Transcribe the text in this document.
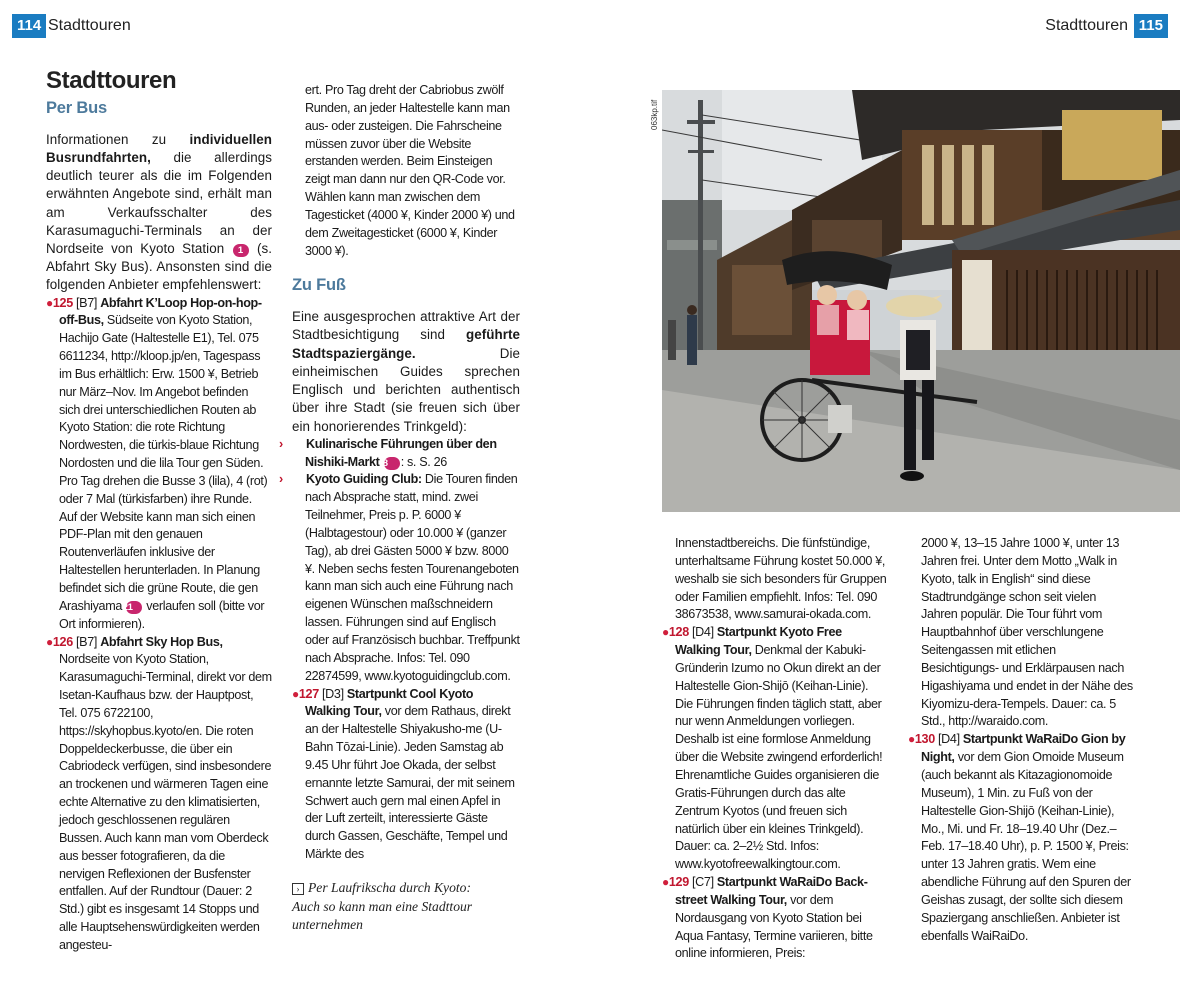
114 Stadttouren	Stadttouren 115
Stadttouren
Per Bus

Informationen zu individuellen Busrundfahrten, die allerdings deutlich teurer als die im Folgenden erwähnten Angebote sind, erhält man am Verkaufsschalter des Karasumaguchi-Terminals an der Nordseite von Kyoto Station 1 (s. Abfahrt Sky Bus). Ansonsten sind die folgenden Anbieter empfehlenswert:

●125 [B7] Abfahrt K’Loop Hop-on-hop-off-Bus, Südseite von Kyoto Station, Hachijo Gate (Haltestelle E1), Tel. 075 6611234, http://kloop.jp/en, Tagespass im Bus erhältlich: Erw. 1500 ¥, Betrieb nur März–Nov. Im Angebot befinden sich drei unterschiedlichen Routen ab Kyoto Station: die rote Richtung Nordwesten, die türkis-blaue Richtung Nordosten und die lila Tour gen Süden. Pro Tag drehen die Busse 3 (lila), 4 (rot) oder 7 Mal (türkisfarben) ihre Runde. Auf der Website kann man sich einen PDF-Plan mit den genauen Routenverläufen inklusive der Haltestellen herunterladen. In Planung befindet sich die grüne Route, die gen Arashiyama 21 verlaufen soll (bitte vor Ort informieren).

●126 [B7] Abfahrt Sky Hop Bus, Nordseite von Kyoto Station, Karasumaguchi-Terminal, direkt vor dem Isetan-Kaufhaus bzw. der Hauptpost, Tel. 075 6722100, https://skyhopbus.kyoto/en. Die roten Doppeldeckerbusse, die über ein Cabriodeck verfügen, sind insbesondere an trockenen und wärmeren Tagen eine echte Alternative zu den klimatisierten, jedoch geschlossenen regulären Bussen. Auch kann man vom Oberdeck aus besser fotografieren, da die nervigen Reflexionen der Busfenster entfallen. Auf der Rundtour (Dauer: 2 Std.) gibt es insgesamt 14 Stopps und alle Hauptsehenswürdigkeiten werden angesteu-

ert. Pro Tag dreht der Cabriobus zwölf Runden, an jeder Haltestelle kann man aus- oder zusteigen. Die Fahrscheine müssen zuvor über die Website erstanden werden. Beim Einsteigen zeigt man dann nur den QR-Code vor. Wählen kann man zwischen dem Tagesticket (4000 ¥, Kinder 2000 ¥) und dem Zweitagesticket (6000 ¥, Kinder 3000 ¥).

Zu Fuß

Eine ausgesprochen attraktive Art der Stadtbesichtigung sind geführte Stadtspaziergänge. Die einheimischen Guides sprechen Englisch und berichten authentisch über ihre Stadt (sie freuen sich über ein honorierendes Trinkgeld):

› Kulinarische Führungen über den Nishiki-Markt 8 : s. S. 26

› Kyoto Guiding Club: Die Touren finden nach Absprache statt, mind. zwei Teilnehmer, Preis p. P. 6000 ¥ (Halbtagestour) oder 10.000 ¥ (ganzer Tag), ab drei Gästen 5000 ¥ bzw. 8000 ¥. Neben sechs festen Tourenangeboten kann man sich auch eine Führung nach eigenen Wünschen maßschneidern lassen. Führungen sind auf Englisch oder auf Französisch buchbar. Treffpunkt nach Absprache. Infos: Tel. 090 22874599, www.kyotoguidingclub.com.

●127 [D3] Startpunkt Cool Kyoto Walking Tour, vor dem Rathaus, direkt an der Haltestelle Shiyakusho-me (U-Bahn Tōzai-Linie). Jeden Samstag ab 9.45 Uhr führt Joe Okada, der selbst ernannte letzte Samurai, der mit seinem Schwert auch gern mal einen Apfel in der Luft zerteilt, interessierte Gäste durch Gassen, Geschäfte, Tempel und Märkte des

› Per Laufrikscha durch Kyoto:
Auch so kann man eine Stadttour
unternehmen
063kp.tif

Innenstadtbereichs. Die fünfstündige, unterhaltsame Führung kostet 50.000 ¥, weshalb sie sich besonders für Gruppen oder Familien empfiehlt. Infos: Tel. 090 38673538, www.samurai-okada.com.

●128 [D4] Startpunkt Kyoto Free Walking Tour, Denkmal der Kabuki-Gründerin Izumo no Okun direkt an der Haltestelle Gion-Shijō (Keihan-Linie). Die Führungen finden täglich statt, aber nur wenn Anmeldungen vorliegen. Deshalb ist eine formlose Anmeldung über die Website zwingend erforderlich! Ehrenamtliche Guides organisieren die Gratis-Führungen durch das alte Zentrum Kyotos (und freuen sich natürlich über ein kleines Trinkgeld). Dauer: ca. 2–2½ Std. Infos: www.kyotofreewalkingtour.com.

●129 [C7] Startpunkt WaRaiDo Back-street Walking Tour, vor dem Nordausgang von Kyoto Station bei Aqua Fantasy, Termine variieren, bitte online informieren, Preis:

2000 ¥, 13–15 Jahre 1000 ¥, unter 13 Jahren frei. Unter dem Motto „Walk in Kyoto, talk in English“ sind diese Stadtrundgänge schon seit vielen Jahren populär. Die Tour führt vom Hauptbahnhof über verschlungene Seitengassen mit etlichen Besichtigungs- und Erklärpausen nach Higashiyama und endet in der Nähe des Kiyomizu-dera-Tempels. Dauer: ca. 5 Std., http://waraido.com.

●130 [D4] Startpunkt WaRaiDo Gion by Night, vor dem Gion Omoide Museum (auch bekannt als Kitazagionomoide Museum), 1 Min. zu Fuß von der Haltestelle Gion-Shijō (Keihan-Linie), Mo., Mi. und Fr. 18–19.40 Uhr (Dez.–Feb. 17–18.40 Uhr), p. P. 1500 ¥, Preis: unter 13 Jahren gratis. Wem eine abendliche Führung auf den Spuren der Geishas zusagt, der sollte sich diesem Spaziergang anschließen. Anbieter ist ebenfalls WaiRaiDo.
